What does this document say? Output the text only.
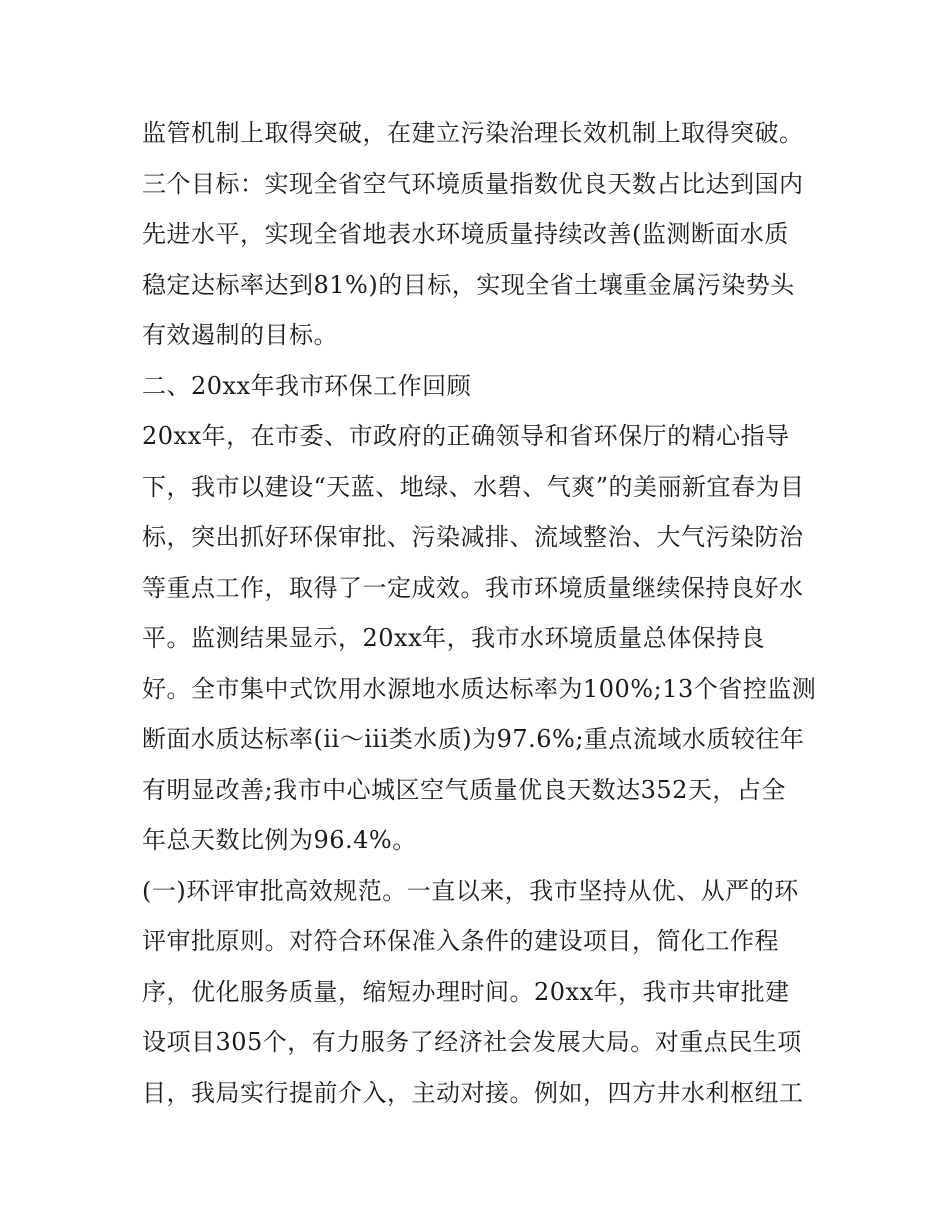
监管机制上取得突破，在建立污染治理长效机制上取得突破。
三个目标：实现全省空气环境质量指数优良天数占比达到国内
先进水平，实现全省地表水环境质量持续改善(监测断面水质
稳定达标率达到81%)的目标，实现全省土壤重金属污染势头
有效遏制的目标。
二、20xx年我市环保工作回顾
20xx年，在市委、市政府的正确领导和省环保厅的精心指导
下，我市以建设“天蓝、地绿、水碧、气爽”的美丽新宜春为目
标，突出抓好环保审批、污染减排、流域整治、大气污染防治
等重点工作，取得了一定成效。我市环境质量继续保持良好水
平。监测结果显示，20xx年，我市水环境质量总体保持良
好。全市集中式饮用水源地水质达标率为100%;13个省控监测
断面水质达标率(ii～iii类水质)为97.6%;重点流域水质较往年
有明显改善;我市中心城区空气质量优良天数达352天，占全
年总天数比例为96.4%。
(一)环评审批高效规范。一直以来，我市坚持从优、从严的环
评审批原则。对符合环保准入条件的建设项目，简化工作程
序，优化服务质量，缩短办理时间。20xx年，我市共审批建
设项目305个，有力服务了经济社会发展大局。对重点民生项
目，我局实行提前介入，主动对接。例如，四方井水利枢纽工
